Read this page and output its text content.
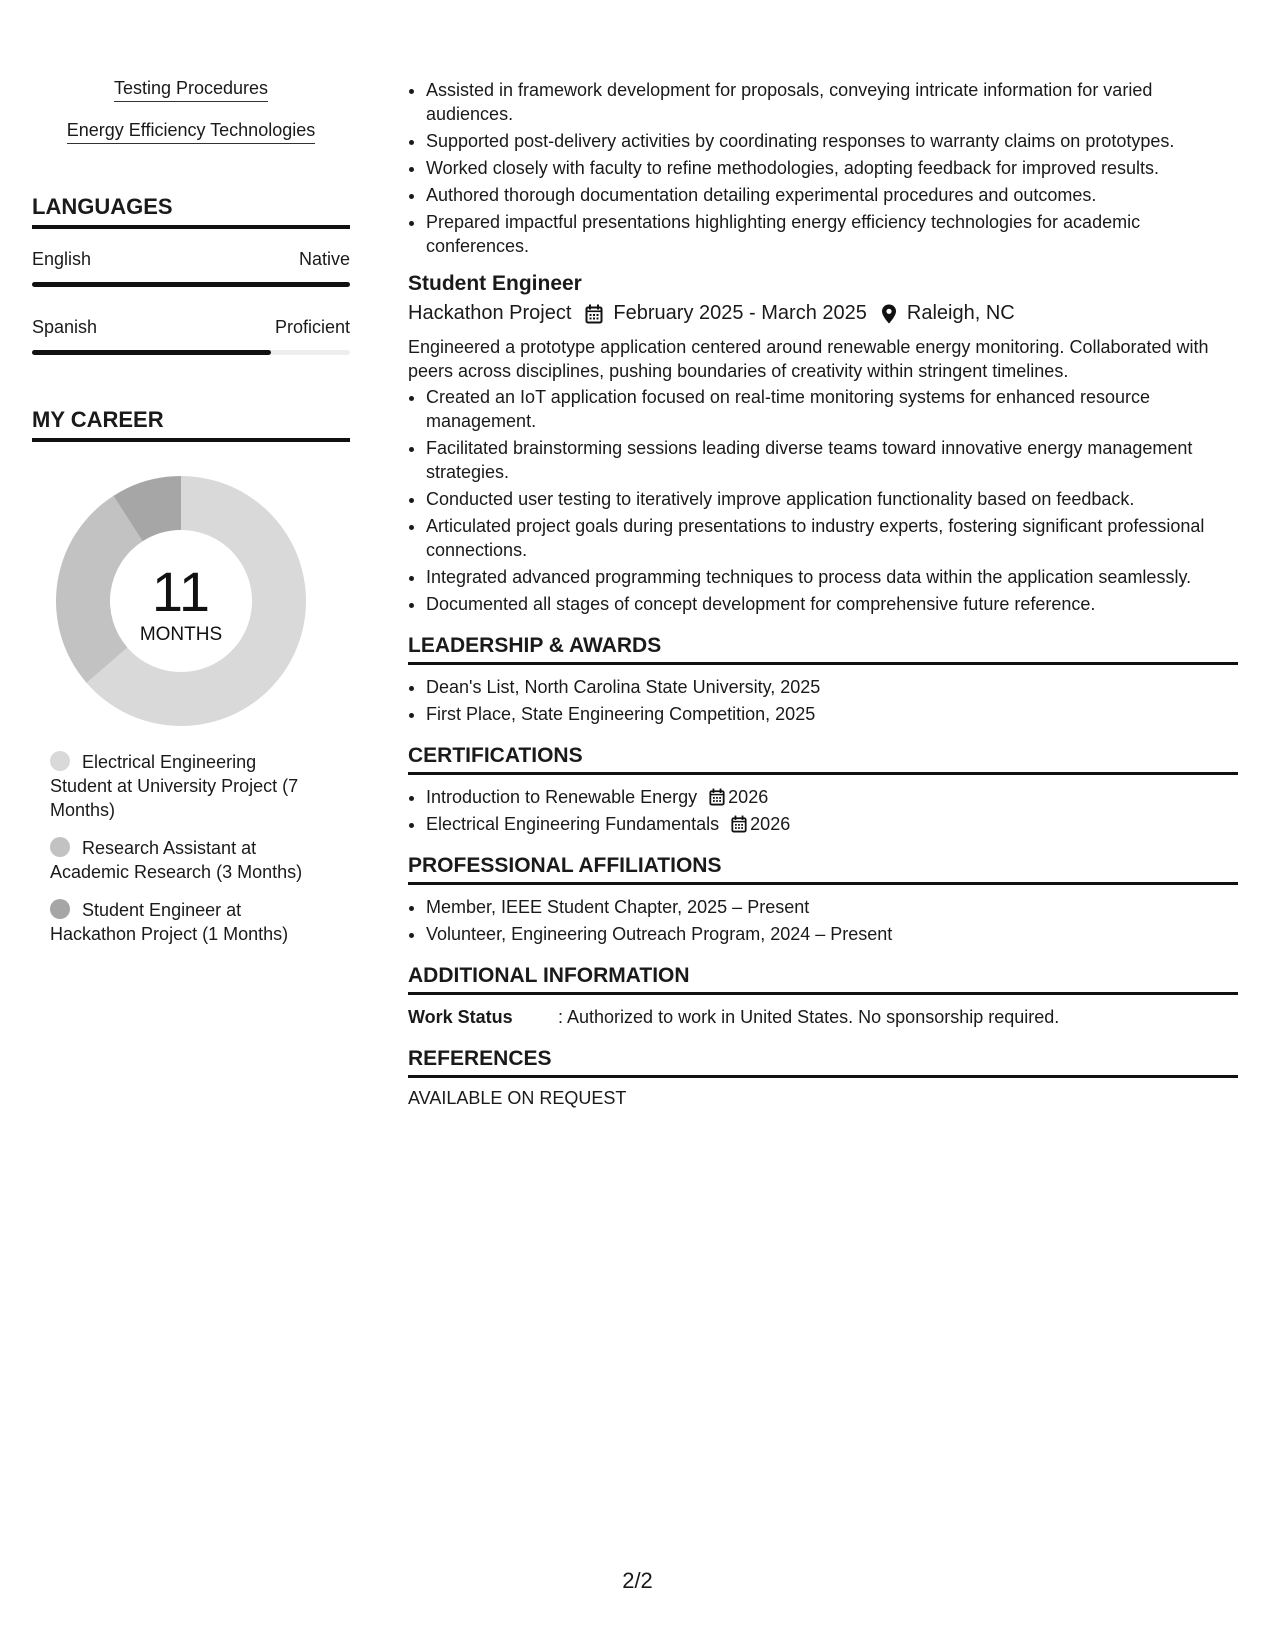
Testing Procedures
Energy Efficiency Technologies
LANGUAGES
English	Native
Spanish	Proficient
MY CAREER
11
MONTHS
Electrical Engineering Student at University Project (7 Months)
Research Assistant at Academic Research (3 Months)
Student Engineer at Hackathon Project (1 Months)
• Assisted in framework development for proposals, conveying intricate information for varied audiences.
• Supported post-delivery activities by coordinating responses to warranty claims on prototypes.
• Worked closely with faculty to refine methodologies, adopting feedback for improved results.
• Authored thorough documentation detailing experimental procedures and outcomes.
• Prepared impactful presentations highlighting energy efficiency technologies for academic conferences.
Student Engineer
Hackathon Project February 2025 - March 2025 Raleigh, NC
Engineered a prototype application centered around renewable energy monitoring. Collaborated with peers across disciplines, pushing boundaries of creativity within stringent timelines.
• Created an IoT application focused on real-time monitoring systems for enhanced resource management.
• Facilitated brainstorming sessions leading diverse teams toward innovative energy management strategies.
• Conducted user testing to iteratively improve application functionality based on feedback.
• Articulated project goals during presentations to industry experts, fostering significant professional connections.
• Integrated advanced programming techniques to process data within the application seamlessly.
• Documented all stages of concept development for comprehensive future reference.
LEADERSHIP & AWARDS
• Dean's List, North Carolina State University, 2025
• First Place, State Engineering Competition, 2025
CERTIFICATIONS
• Introduction to Renewable Energy 2026
• Electrical Engineering Fundamentals 2026
PROFESSIONAL AFFILIATIONS
• Member, IEEE Student Chapter, 2025 – Present
• Volunteer, Engineering Outreach Program, 2024 – Present
ADDITIONAL INFORMATION
Work Status	: Authorized to work in United States. No sponsorship required.
REFERENCES
AVAILABLE ON REQUEST
2/2
